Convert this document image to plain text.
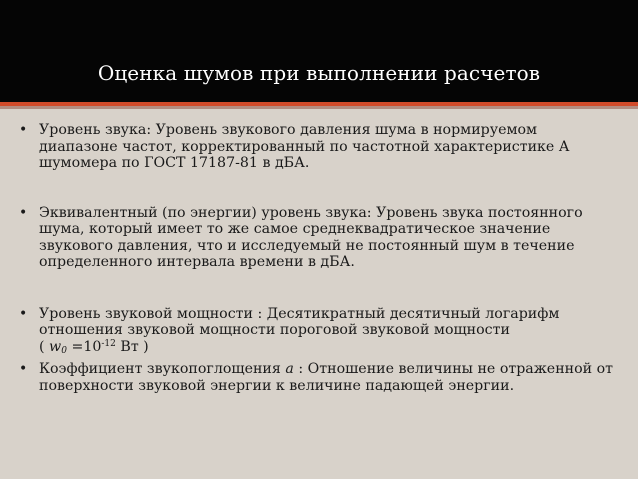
Оценка шумов при выполнении расчетов
• Уровень звука: Уровень звукового давления шума в нормируемом диапазоне частот, корректированный по частотной характеристике А шумомера по ГОСТ 17187-81 в дБА.
• Эквивалентный (по энергии) уровень звука: Уровень звука постоянного шума, который имеет то же самое среднеквадратическое значение звукового давления, что и исследуемый не постоянный шум в течение определенного интервала времени в дБА.
• Уровень звуковой мощности : Десятикратный десятичный логарифм отношения звуковой мощности пороговой звуковой мощности
( $w_0 =10^{-12}$ Вт )
• Коэффициент звукопоглощения a : Отношение величины не отраженной от поверхности звуковой энергии к величине падающей энергии.
